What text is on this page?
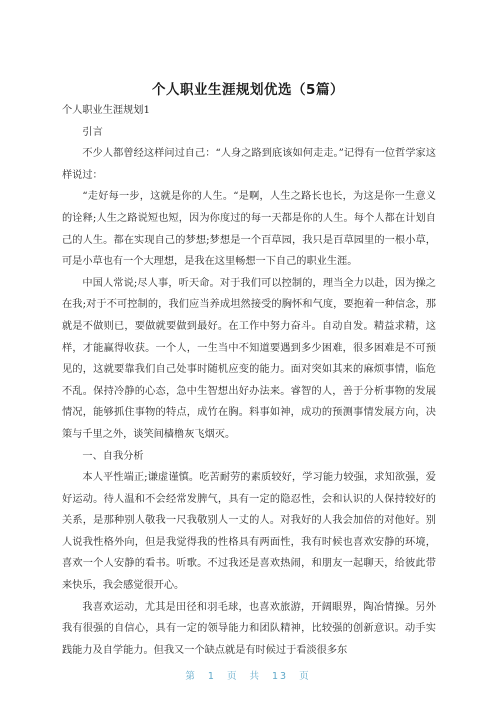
个人职业生涯规划优选（5篇）

个人职业生涯规划1

引言

不少人都曾经这样问过自己：“人身之路到底该如何走走。”记得有一位哲学家这样说过：

“走好每一步，这就是你的人生。“是啊，人生之路长也长，为这是你一生意义的诠释;人生之路说短也短，因为你度过的每一天都是你的人生。每个人都在计划自己的人生。都在实现自己的梦想;梦想是一个百草园，我只是百草园里的一根小草，可是小草也有一个大理想，是我在这里畅想一下自己的职业生涯。

中国人常说;尽人事，听天命。对于我们可以控制的，理当全力以赴，因为操之在我;对于不可控制的，我们应当养成坦然接受的胸怀和气度，要抱着一种信念，那就是不做则已，要做就要做到最好。在工作中努力奋斗。自动自发。精益求精，这样，才能赢得收获。一个人，一生当中不知道要遇到多少困难，很多困难是不可预见的，这就要靠我们自己处事时随机应变的能力。面对突如其来的麻烦事情，临危不乱。保持冷静的心态，急中生智想出好办法来。睿智的人，善于分析事物的发展情况，能够抓住事物的特点，成竹在胸。料事如神，成功的预测事情发展方向，决策与千里之外，谈笑间樯橹灰飞烟灭。

一、自我分析

本人平性端正;谦虚谨慎。吃苦耐劳的素质较好，学习能力较强，求知欲强，爱好运动。待人温和不会经常发脾气，具有一定的隐忍性，会和认识的人保持较好的关系，是那种别人敬我一尺我敬别人一丈的人。对我好的人我会加倍的对他好。别人说我性格外向，但是我觉得我的性格具有两面性，我有时候也喜欢安静的环境，喜欢一个人安静的看书。听歌。不过我还是喜欢热闹，和朋友一起聊天，给彼此带来快乐，我会感觉很开心。

我喜欢运动，尤其是田径和羽毛球，也喜欢旅游，开阔眼界，陶冶情操。另外我有很强的自信心，具有一定的领导能力和团队精神，比较强的创新意识。动手实践能力及自学能力。但我又一个缺点就是有时候过于看淡很多东

第 1 页 共 13 页
